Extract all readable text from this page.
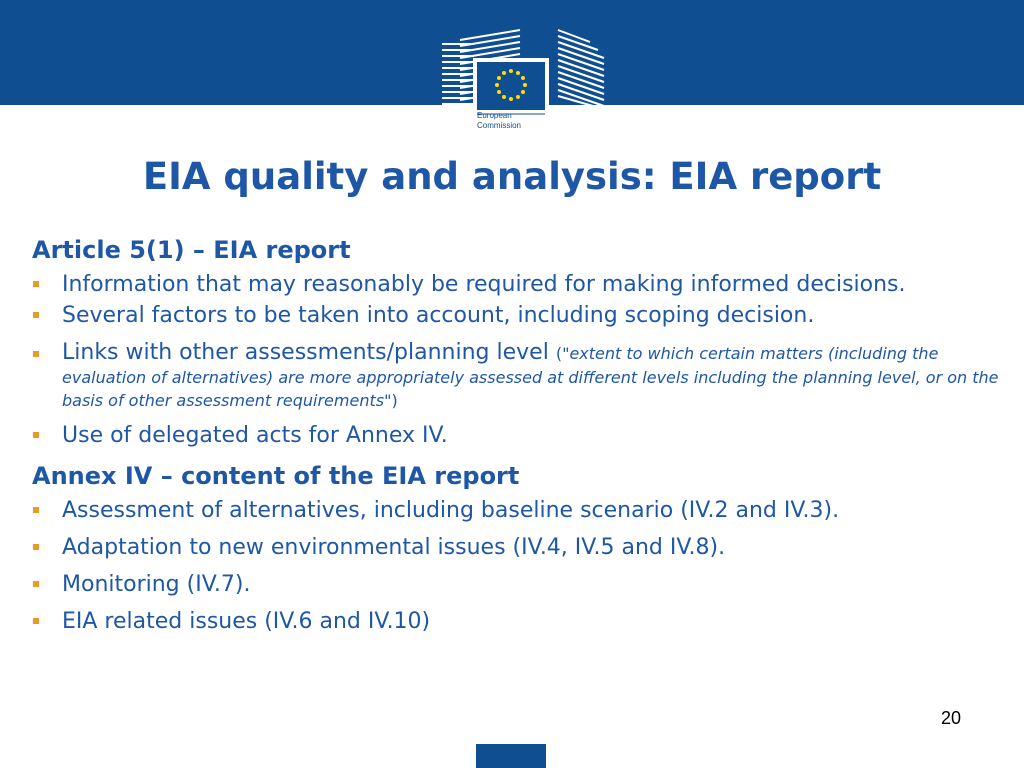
European
Commission
EIA quality and analysis: EIA report
Article 5(1) – EIA report
Information that may reasonably be required for making informed decisions.
Several factors to be taken into account, including scoping decision.
Links with other assessments/planning level ("extent to which certain matters (including the evaluation of alternatives) are more appropriately assessed at different levels including the planning level, or on the basis of other assessment requirements")
Use of delegated acts for Annex IV.
Annex IV – content of the EIA report
Assessment of alternatives, including baseline scenario (IV.2 and IV.3).
Adaptation to new environmental issues (IV.4, IV.5 and IV.8).
Monitoring (IV.7).
EIA related issues (IV.6 and IV.10)
20
